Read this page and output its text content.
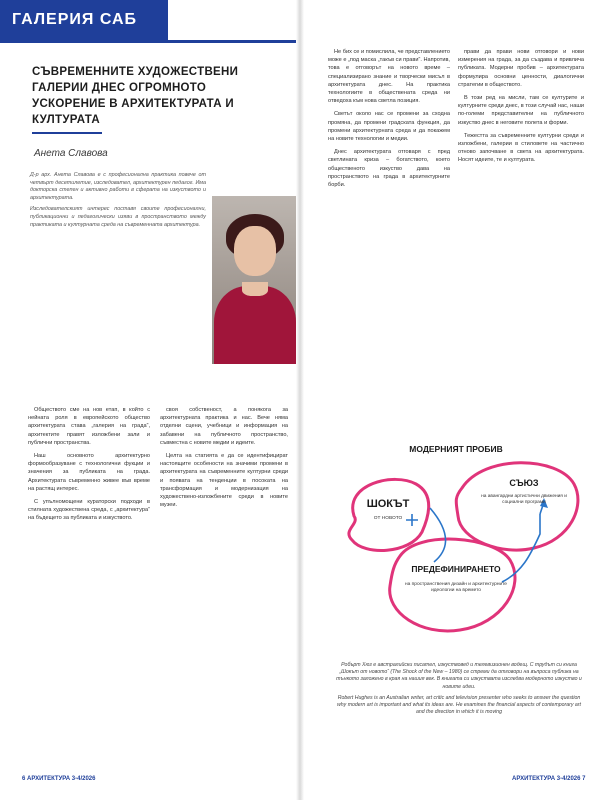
ГАЛЕРИЯ САБ
СЪВРЕМЕННИТЕ ХУДОЖЕСТВЕНИ ГАЛЕРИИ ДНЕС ОГРОМНОТО УСКОРЕНИЕ В АРХИТЕКТУРАТА И КУЛТУРАТА
Анета Славова

Д-р арх. Анета Славова е с професионална практика повече от четвърт десетилетие, изследовател, архитектурен педагог. Има докторска степен и активно работи в сферата на изкуството и архитектурата.

Изследователският интерес поставя своите професионални, публикационни и педагогически изяви в пространството между практиката и културната среда на съвременната архитектура.

Обществото сме на нов етап, в който с нейната роля в европейското общество архитектурата става „галерия на града“, архитектите правят изложбени зали и публични пространства.

Наш основното архитектурно формообразуване с технологични фукции и значения за публиката на града. Архитектурата съвременно живее във време на растящ интерес.

С упълномощени кураторски подходи в стилната художествена среда, с „архитектура“ на бъдещето за публиката и изкуството.

своя собственост, а понякога за архитектурната практика и нас. Вече няма отделни сцени, учебници и информация на забавени на публичното пространство, съвместна с новите медии и идеите.

Целта на статията е да се идентифицират настоящите особености на значими промени в архитектурата на съвременните културни среди и появата на тенденции в посоката на трансформация и модернизация на художествено-изложбените среди в новите музеи.

6 АРХИТЕКТУРА 3-4/2026

Не бих се и помислила, че представлението може е „под маска „такъв си прави“. Напротив, това е отговорът на новото време – специализирано знание и творчески мисъл в архитектурата днес. На практика технологиите в обществената среда ни отведоха към нова светла позиция.

Светът около нас се промени за сходна промяна, да промени градската функция, да промени архитектурната среда и да покажем на новите технологии и медии.

Днес архитектурата отговаря с пред светлината криза – богатството, което общественото изкуство дава на пространството на града в архитектурните борби.

прави да прави нови отговори и нови измерения на града, за да създава и привлича публиката. Модерни пробив – архитектурата формулира основни ценности, диалогични стратегии в обществото.

В този ред на мисли, там се културите и културните среди днес, в този случай нас, наши по-големи представителни на публичното изкуство днес в неговите полета и форми.

Тежестта за съвременните културни среди и изложбени, галерии в стиловете на частично отново започване в света на архитектурата. Носят идеите, те и културата.

МОДЕРНИЯТ ПРОБИВ
ШОКЪТ
ОТ НОВОТО
СЪЮЗ
на авангардни артистични движения и социални програми
ПРЕДЕФИНИРАНЕТО
на пространствения дизайн и архитектурните идеологии на времето

Робърт Хюз е австралийски писател, изкуствовед и телевизионен водещ. С трудът си книга „Шокът от новото“ (The Shock of the New – 1980) се стреми да отговори на въпроса публика на тънкото заложено в края на нашия век. В книгата си изкуствата изследва модерното изкуство и новите идеи.

Robert Hughes is an Australian writer, art critic and television presenter who seeks to answer the question why modern art is important and what its ideas are. He examines the financial aspects of contemporary art and the direction in which it is moving

АРХИТЕКТУРА 3-4/2026 7
